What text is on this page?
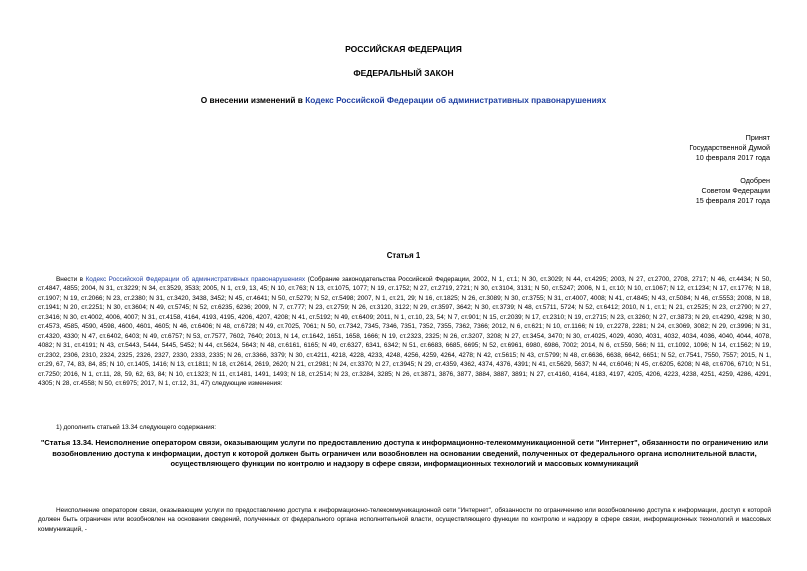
РОССИЙСКАЯ ФЕДЕРАЦИЯ
ФЕДЕРАЛЬНЫЙ ЗАКОН
О внесении изменений в Кодекс Российской Федерации об административных правонарушениях
Принят
Государственной Думой
10 февраля 2017 года
Одобрен
Советом Федерации
15 февраля 2017 года
Статья 1
Внести в Кодекс Российской Федерации об административных правонарушениях (Собрание законодательства Российской Федерации, 2002, N 1, ст.1; N 30, ст.3029; N 44, ст.4295; 2003, N 27, ст.2700, 2708, 2717; N 46, ст.4434; N 50, ст.4847, 4855; 2004, N 31, ст.3229; N 34, ст.3529, 3533; 2005, N 1, ст.9, 13, 45; N 10, ст.763; N 13, ст.1075, 1077; N 19, ст.1752; N 27, ст.2719, 2721; N 30, ст.3104, 3131; N 50, ст.5247; 2006, N 1, ст.10; N 10, ст.1067; N 12, ст.1234; N 17, ст.1776; N 18, ст.1907; N 19, ст.2066; N 23, ст.2380; N 31, ст.3420, 3438, 3452; N 45, ст.4641; N 50, ст.5279; N 52, ст.5498; 2007, N 1, ст.21, 29; N 16, ст.1825; N 26, ст.3089; N 30, ст.3755; N 31, ст.4007, 4008; N 41, ст.4845; N 43, ст.5084; N 46, ст.5553; 2008, N 18, ст.1941; N 20, ст.2251; N 30, ст.3604; N 49, ст.5745; N 52, ст.6235, 6236; 2009, N 7, ст.777; N 23, ст.2759; N 26, ст.3120, 3122; N 29, ст.3597, 3642; N 30, ст.3739; N 48, ст.5711, 5724; N 52, ст.6412; 2010, N 1, ст.1; N 21, ст.2525; N 23, ст.2790; N 27, ст.3416; N 30, ст.4002, 4006, 4007; N 31, ст.4158, 4164, 4193, 4195, 4206, 4207, 4208; N 41, ст.5192; N 49, ст.6409; 2011, N 1, ст.10, 23, 54; N 7, ст.901; N 15, ст.2039; N 17, ст.2310; N 19, ст.2715; N 23, ст.3260; N 27, ст.3873; N 29, ст.4290, 4298; N 30, ст.4573, 4585, 4590, 4598, 4600, 4601, 4605; N 46, ст.6406; N 48, ст.6728; N 49, ст.7025, 7061; N 50, ст.7342, 7345, 7346, 7351, 7352, 7355, 7362, 7366; 2012, N 6, ст.621; N 10, ст.1166; N 19, ст.2278, 2281; N 24, ст.3069, 3082; N 29, ст.3996; N 31, ст.4320, 4330; N 47, ст.6402, 6403; N 49, ст.6757; N 53, ст.7577, 7602, 7640; 2013, N 14, ст.1642, 1651, 1658, 1666; N 19, ст.2323, 2325; N 26, ст.3207, 3208; N 27, ст.3454, 3470; N 30, ст.4025, 4029, 4030, 4031, 4032, 4034, 4036, 4040, 4044, 4078, 4082; N 31, ст.4191; N 43, ст.5443, 5444, 5445, 5452; N 44, ст.5624, 5643; N 48, ст.6161, 6165; N 49, ст.6327, 6341, 6342; N 51, ст.6683, 6685, 6695; N 52, ст.6961, 6980, 6986, 7002; 2014, N 6, ст.559, 566; N 11, ст.1092, 1096; N 14, ст.1562; N 19, ст.2302, 2306, 2310, 2324, 2325, 2326, 2327, 2330, 2333, 2335; N 26, ст.3366, 3379; N 30, ст.4211, 4218, 4228, 4233, 4248, 4256, 4259, 4264, 4278; N 42, ст.5615; N 43, ст.5799; N 48, ст.6636, 6638, 6642, 6651; N 52, ст.7541, 7550, 7557; 2015, N 1, ст.29, 67, 74, 83, 84, 85; N 10, ст.1405, 1416; N 13, ст.1811; N 18, ст.2614, 2619, 2620; N 21, ст.2981; N 24, ст.3370; N 27, ст.3945; N 29, ст.4359, 4362, 4374, 4376, 4391; N 41, ст.5629, 5637; N 44, ст.6046; N 45, ст.6205, 6208; N 48, ст.6706, 6710; N 51, ст.7250; 2016, N 1, ст.11, 28, 59, 62, 63, 84; N 10, ст.1323; N 11, ст.1481, 1491, 1493; N 18, ст.2514; N 23, ст.3284, 3285; N 26, ст.3871, 3876, 3877, 3884, 3887, 3891; N 27, ст.4160, 4164, 4183, 4197, 4205, 4206, 4223, 4238, 4251, 4259, 4286, 4291, 4305; N 28, ст.4558; N 50, ст.6975; 2017, N 1, ст.12, 31, 47) следующие изменения:
1) дополнить статьей 13.34 следующего содержания:
"Статья 13.34. Неисполнение оператором связи, оказывающим услуги по предоставлению доступа к информационно-телекоммуникационной сети "Интернет", обязанности по ограничению или возобновлению доступа к информации, доступ к которой должен быть ограничен или возобновлен на основании сведений, полученных от федерального органа исполнительной власти, осуществляющего функции по контролю и надзору в сфере связи, информационных технологий и массовых коммуникаций
Неисполнение оператором связи, оказывающим услуги по предоставлению доступа к информационно-телекоммуникационной сети "Интернет", обязанности по ограничению или возобновлению доступа к информации, доступ к которой должен быть ограничен или возобновлен на основании сведений, полученных от федерального органа исполнительной власти, осуществляющего функции по контролю и надзору в сфере связи, информационных технологий и массовых коммуникаций, -
